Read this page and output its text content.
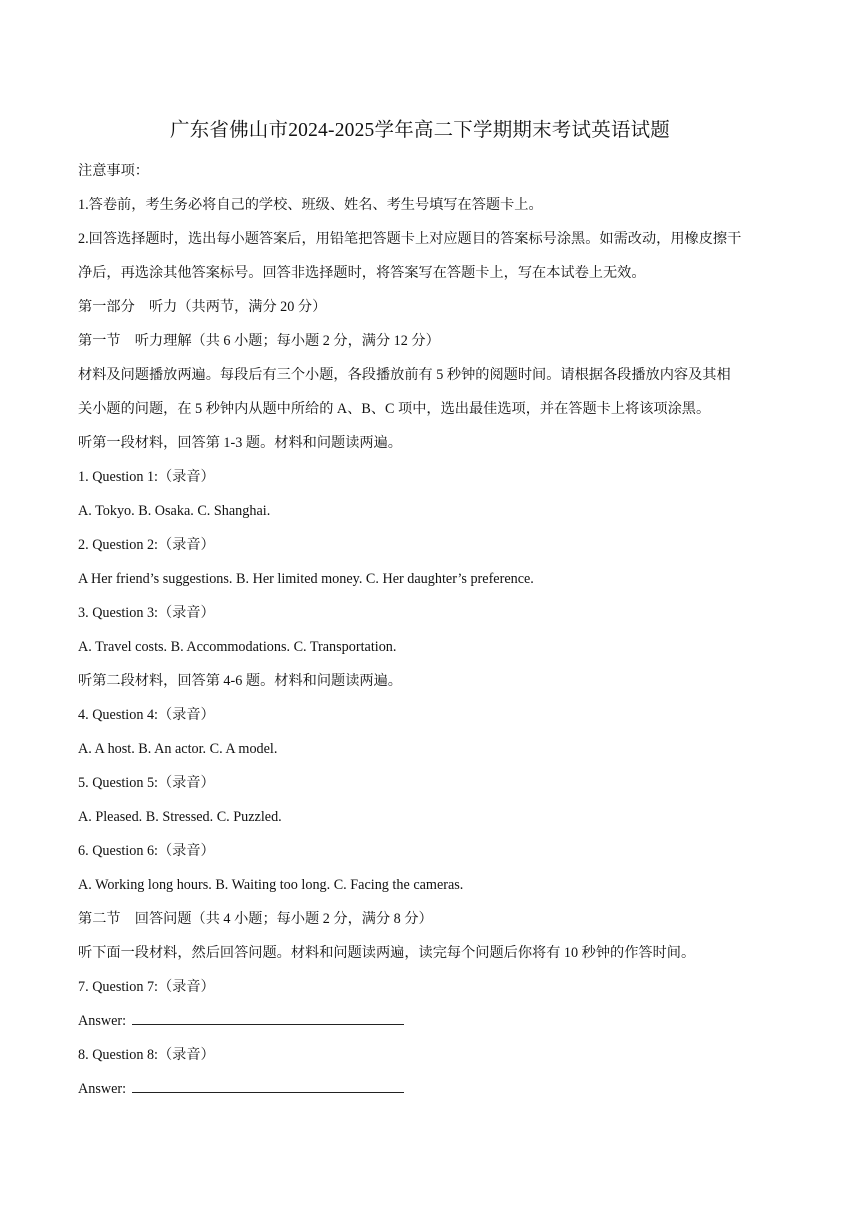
广东省佛山市2024-2025学年高二下学期期末考试英语试题
注意事项：
1.答卷前，考生务必将自己的学校、班级、姓名、考生号填写在答题卡上。
2.回答选择题时，选出每小题答案后，用铅笔把答题卡上对应题目的答案标号涂黑。如需改动，用橡皮擦干
净后，再选涂其他答案标号。回答非选择题时，将答案写在答题卡上，写在本试卷上无效。
第一部分　听力（共两节，满分 20 分）
第一节　听力理解（共 6 小题；每小题 2 分，满分 12 分）
材料及问题播放两遍。每段后有三个小题，各段播放前有 5 秒钟的阅题时间。请根据各段播放内容及其相
关小题的问题，在 5 秒钟内从题中所给的 A、B、C 项中，选出最佳选项，并在答题卡上将该项涂黑。
听第一段材料，回答第 1-3 题。材料和问题读两遍。
1. Question 1:（录音）
A. Tokyo. B. Osaka. C. Shanghai.
2. Question 2:（录音）
A Her friend’s suggestions. B. Her limited money. C. Her daughter’s preference.
3. Question 3:（录音）
A. Travel costs. B. Accommodations. C. Transportation.
听第二段材料，回答第 4-6 题。材料和问题读两遍。
4. Question 4:（录音）
A. A host. B. An actor. C. A model.
5. Question 5:（录音）
A. Pleased. B. Stressed. C. Puzzled.
6. Question 6:（录音）
A. Working long hours. B. Waiting too long. C. Facing the cameras.
第二节　回答问题（共 4 小题；每小题 2 分，满分 8 分）
听下面一段材料，然后回答问题。材料和问题读两遍，读完每个问题后你将有 10 秒钟的作答时间。
7. Question 7:（录音）
Answer:
8. Question 8:（录音）
Answer:
